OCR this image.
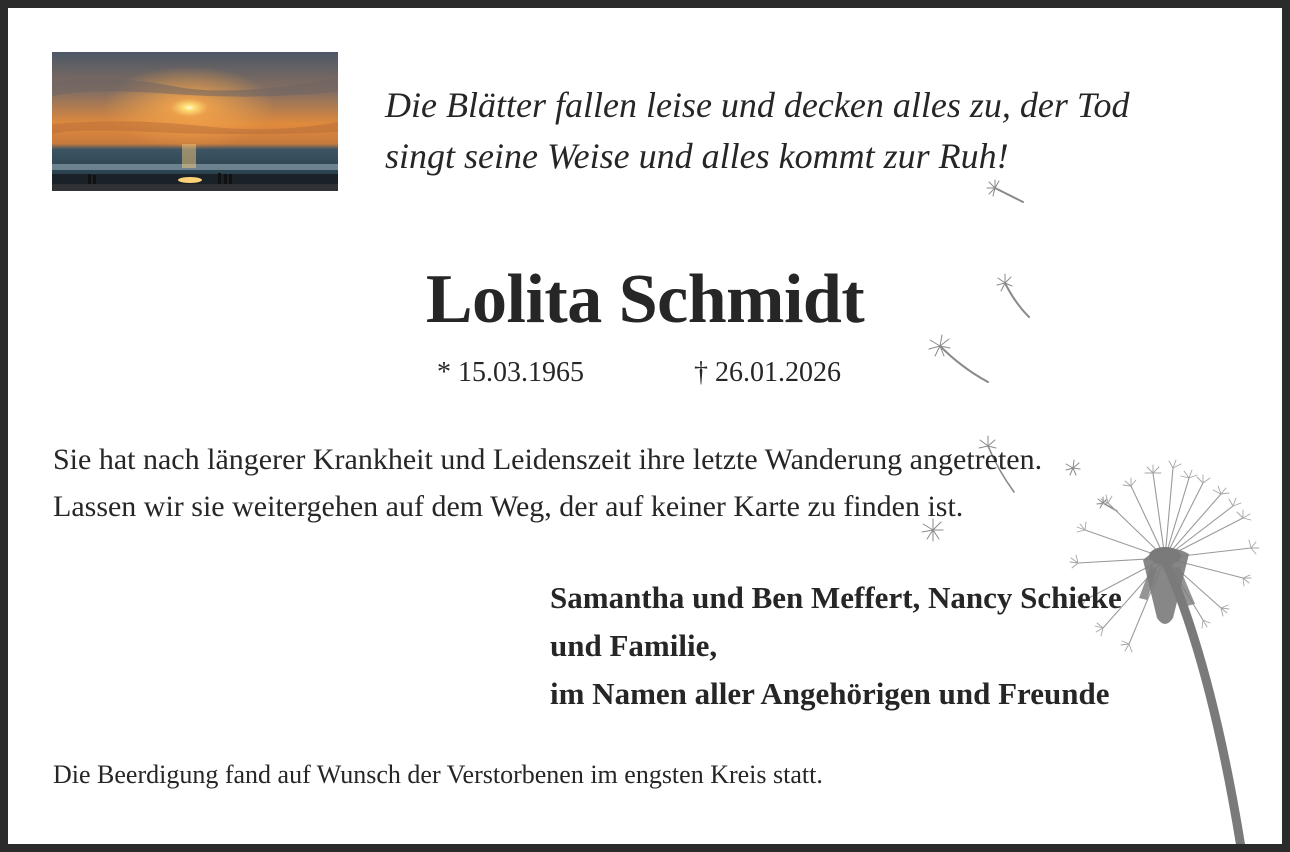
Die Blätter fallen leise und decken alles zu, der Tod
singt seine Weise und alles kommt zur Ruh!

Lolita Schmidt
* 15.03.1965	† 26.01.2026

Sie hat nach längerer Krankheit und Leidenszeit ihre letzte Wanderung angetreten.
Lassen wir sie weitergehen auf dem Weg, der auf keiner Karte zu finden ist.

Samantha und Ben Meffert, Nancy Schieke
und Familie,
im Namen aller Angehörigen und Freunde

Die Beerdigung fand auf Wunsch der Verstorbenen im engsten Kreis statt.
